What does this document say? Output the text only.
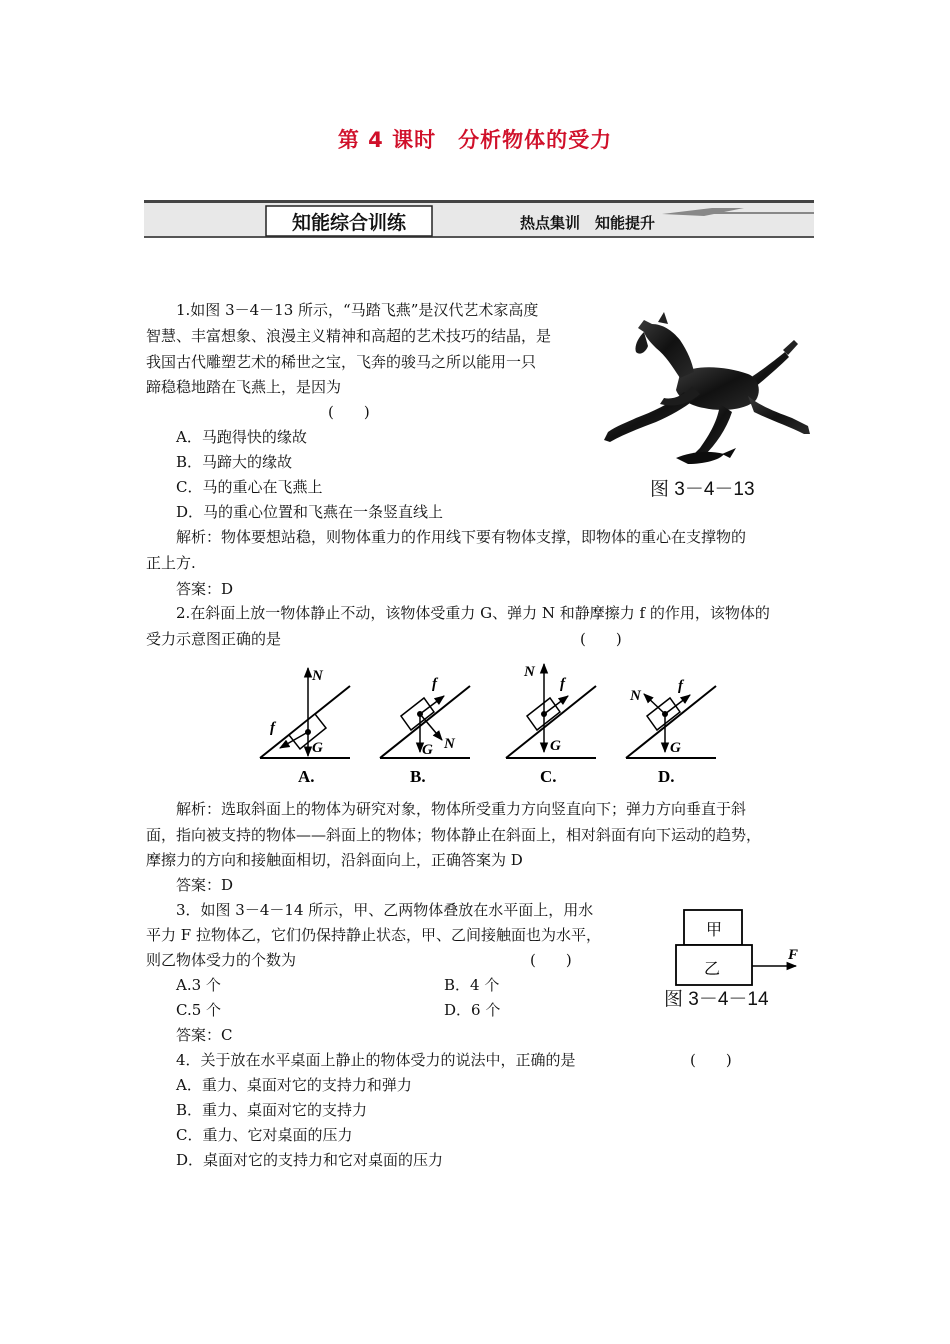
第 4 课时　分析物体的受力
知能综合训练	热点集训　知能提升
1.如图 3－4－13 所示，“马踏飞燕”是汉代艺术家高度
智慧、丰富想象、浪漫主义精神和高超的艺术技巧的结晶，是
我国古代雕塑艺术的稀世之宝，飞奔的骏马之所以能用一只
蹄稳稳地踏在飞燕上，是因为
(　　)
A．马跑得快的缘故
B．马蹄大的缘故
C．马的重心在飞燕上
D．马的重心位置和飞燕在一条竖直线上
解析：物体要想站稳，则物体重力的作用线下要有物体支撑，即物体的重心在支撑物的
正上方.
答案：D
图 3－4－13
2.在斜面上放一物体静止不动，该物体受重力 G、弹力 N 和静摩擦力 f 的作用，该物体的
受力示意图正确的是	(　　)
N
f
G
A.
f
N
G
B.
N
f
G
C.
N
f
G
D.
解析：选取斜面上的物体为研究对象，物体所受重力方向竖直向下；弹力方向垂直于斜
面，指向被支持的物体——斜面上的物体；物体静止在斜面上，相对斜面有向下运动的趋势，
摩擦力的方向和接触面相切，沿斜面向上，正确答案为 D
答案：D
3．如图 3－4－14 所示，甲、乙两物体叠放在水平面上，用水
平力 F 拉物体乙，它们仍保持静止状态，甲、乙间接触面也为水平，
则乙物体受力的个数为	(　　)
A.3 个	B．4 个
C.5 个	D．6 个
答案：C
甲
乙
F
图 3－4－14
4．关于放在水平桌面上静止的物体受力的说法中，正确的是	(　　)
A．重力、桌面对它的支持力和弹力
B．重力、桌面对它的支持力
C．重力、它对桌面的压力
D．桌面对它的支持力和它对桌面的压力
